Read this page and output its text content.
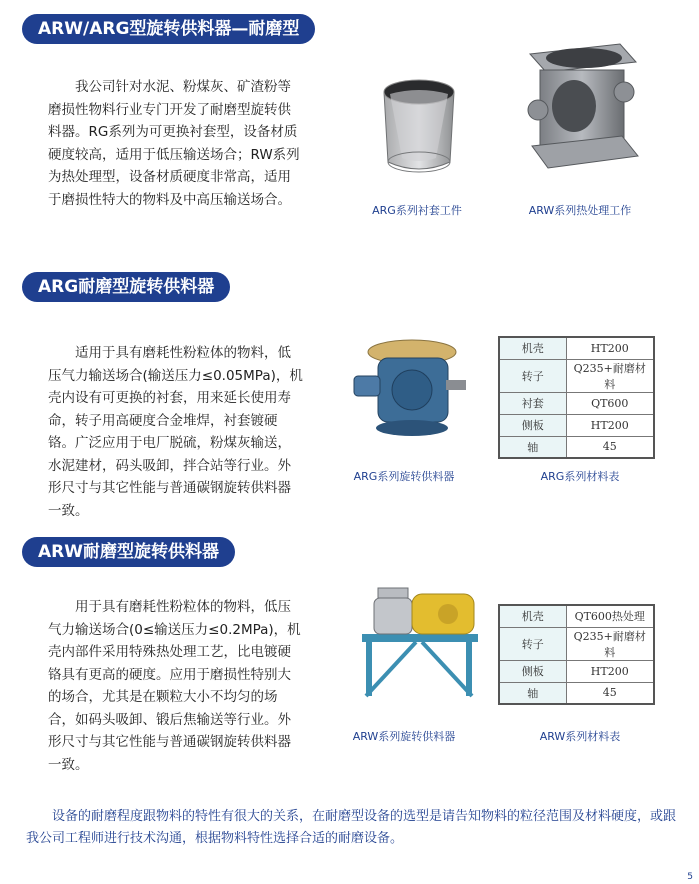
ARW/ARG型旋转供料器—耐磨型

我公司针对水泥、粉煤灰、矿渣粉等磨损性物料行业专门开发了耐磨型旋转供料器。RG系列为可更换衬套型，设备材质硬度较高，适用于低压输送场合；RW系列为热处理型，设备材质硬度非常高，适用于磨损性特大的物料及中高压输送场合。

ARG系列衬套工件	ARW系列热处理工作
ARG耐磨型旋转供料器

适用于具有磨耗性粉粒体的物料，低压气力输送场合(输送压力≤0.05MPa)，机壳内设有可更换的衬套，用来延长使用寿命，转子用高硬度合金堆焊，衬套镀硬铬。广泛应用于电厂脱硫，粉煤灰输送，水泥建材，码头吸卸，拌合站等行业。外形尺寸与其它性能与普通碳钢旋转供料器一致。

机壳	HT200
转子	Q235+耐磨材料
衬套	QT600
侧板	HT200
轴	45
ARG系列旋转供料器	ARG系列材料表
ARW耐磨型旋转供料器

用于具有磨耗性粉粒体的物料，低压气力输送场合(0≤输送压力≤0.2MPa)，机壳内部件采用特殊热处理工艺，比电镀硬铬具有更高的硬度。应用于磨损性特别大的场合，尤其是在颗粒大小不均匀的场合，如码头吸卸、锻后焦输送等行业。外形尺寸与其它性能与普通碳钢旋转供料器一致。

机壳	QT600热处理
转子	Q235+耐磨材料
侧板	HT200
轴	45
ARW系列旋转供料器	ARW系列材料表

设备的耐磨程度跟物料的特性有很大的关系，在耐磨型设备的选型是请告知物料的粒径范围及材料硬度，或跟我公司工程师进行技术沟通，根据物料特性选择合适的耐磨设备。

5
